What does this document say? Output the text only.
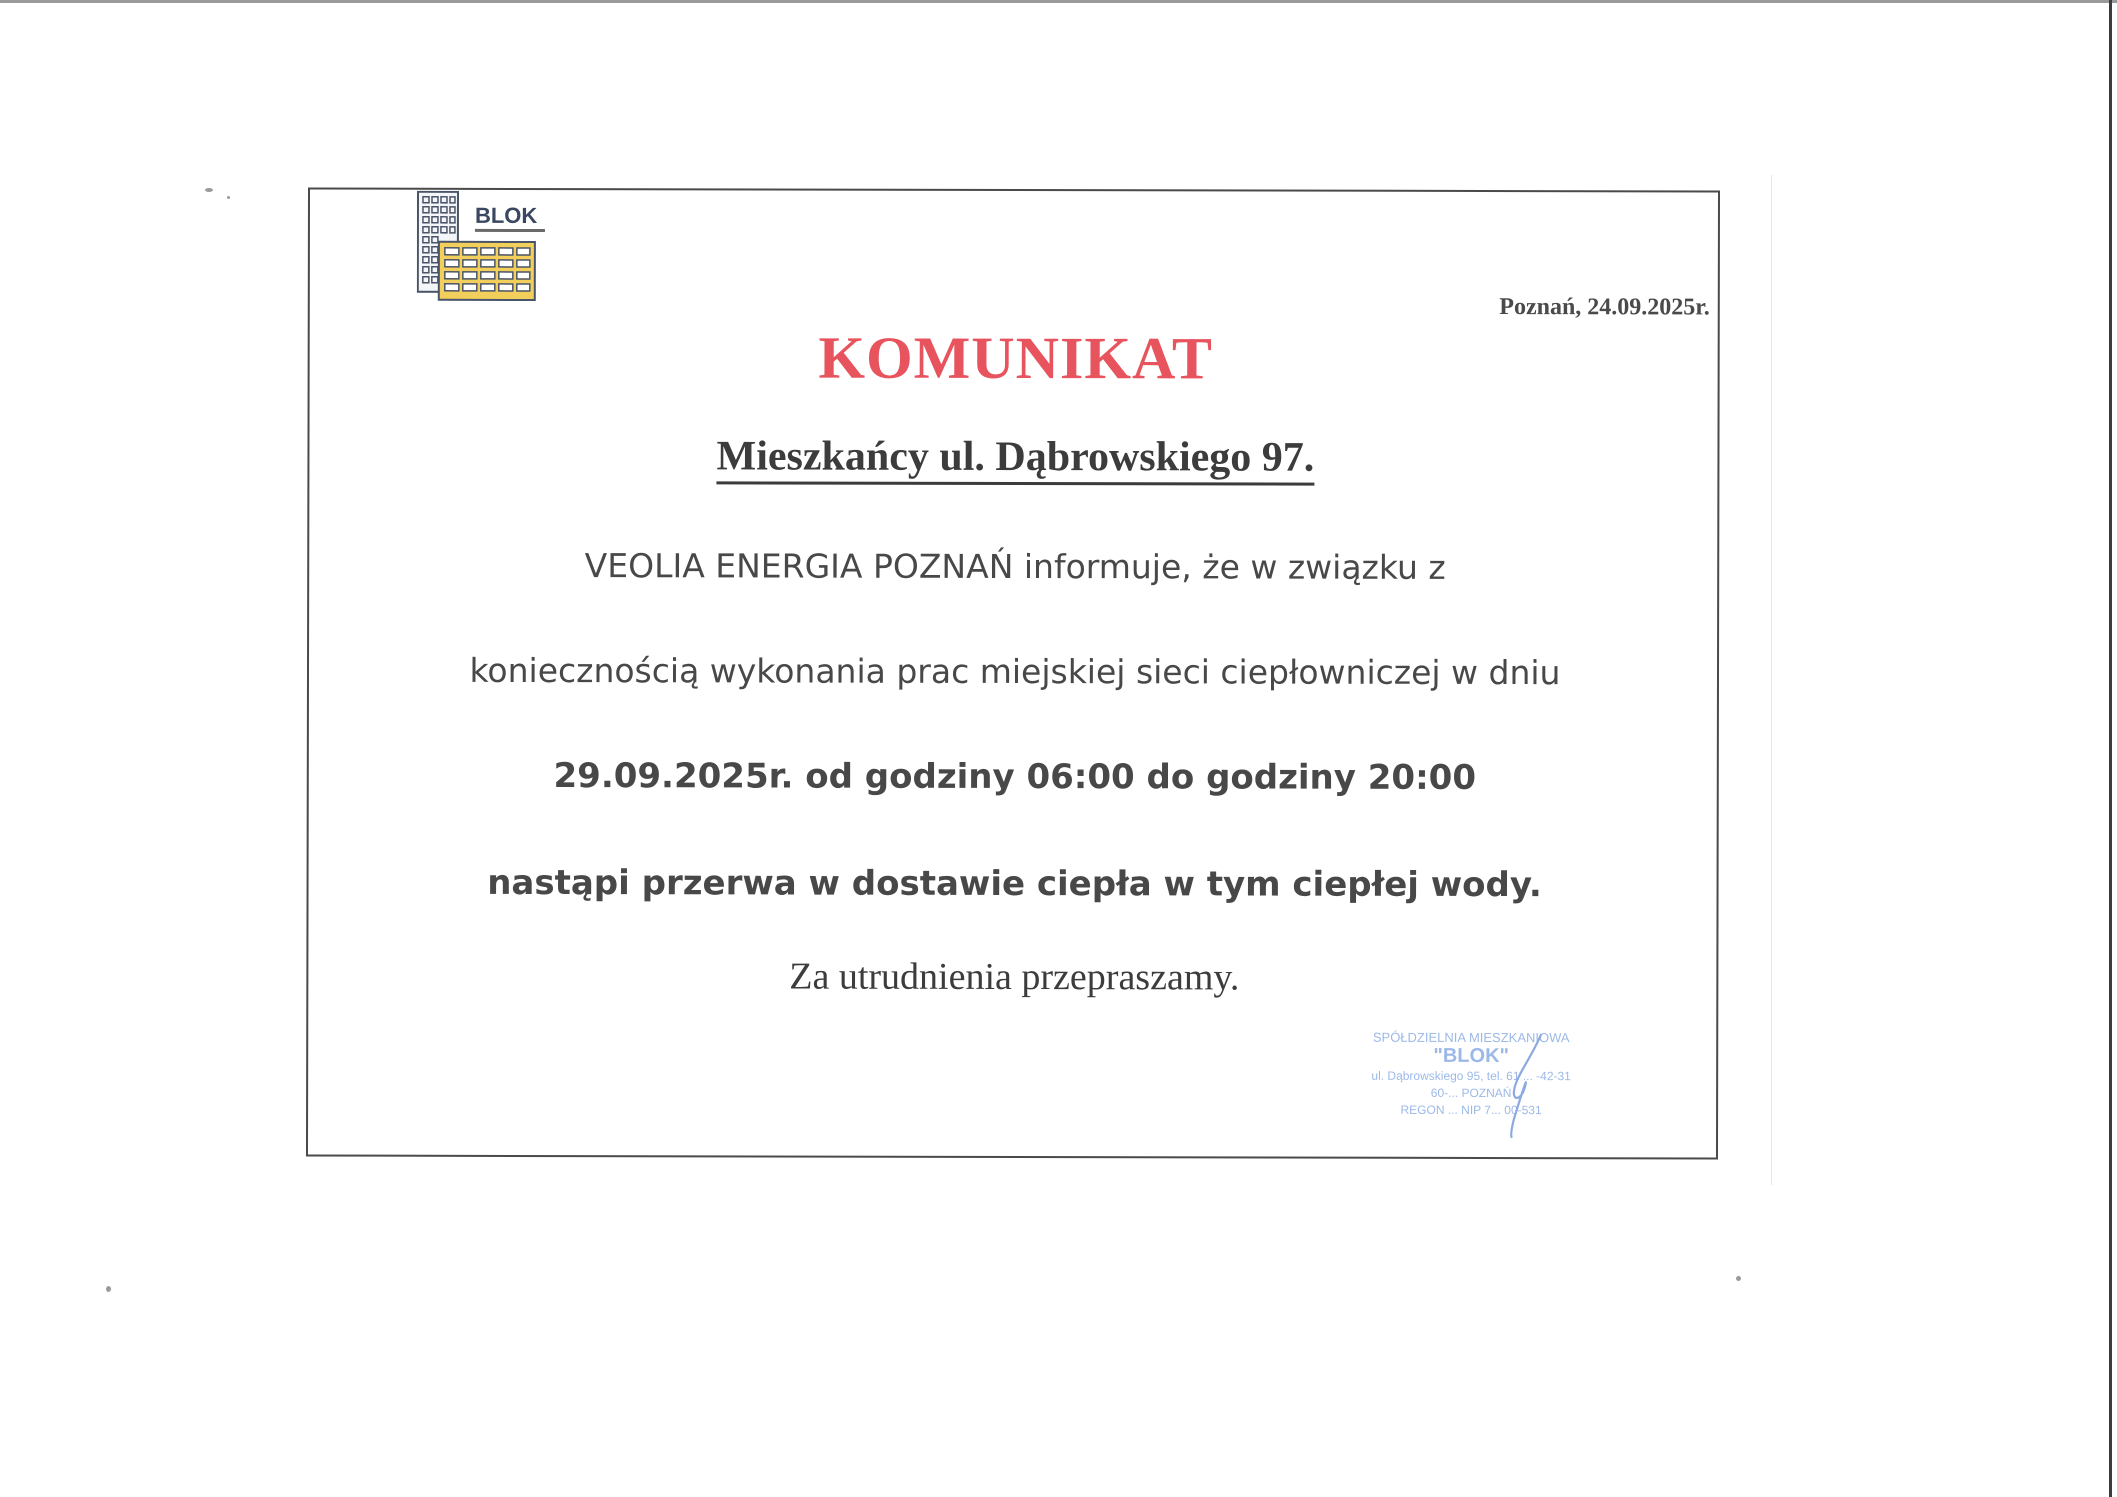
BLOK
Poznań, 24.09.2025r.
KOMUNIKAT
Mieszkańcy ul. Dąbrowskiego 97.
VEOLIA ENERGIA POZNAŃ informuje, że w związku z
koniecznością wykonania prac miejskiej sieci ciepłowniczej w dniu
29.09.2025r. od godziny 06:00 do godziny 20:00
nastąpi przerwa w dostawie ciepła w tym ciepłej wody.
Za utrudnienia przepraszamy.
SPÓŁDZIELNIA MIESZKANIOWA
"BLOK"
ul. Dąbrowskiego 95, tel. 61 ... -42-31
60-... POZNAŃ
REGON ... NIP 7... 00-531
